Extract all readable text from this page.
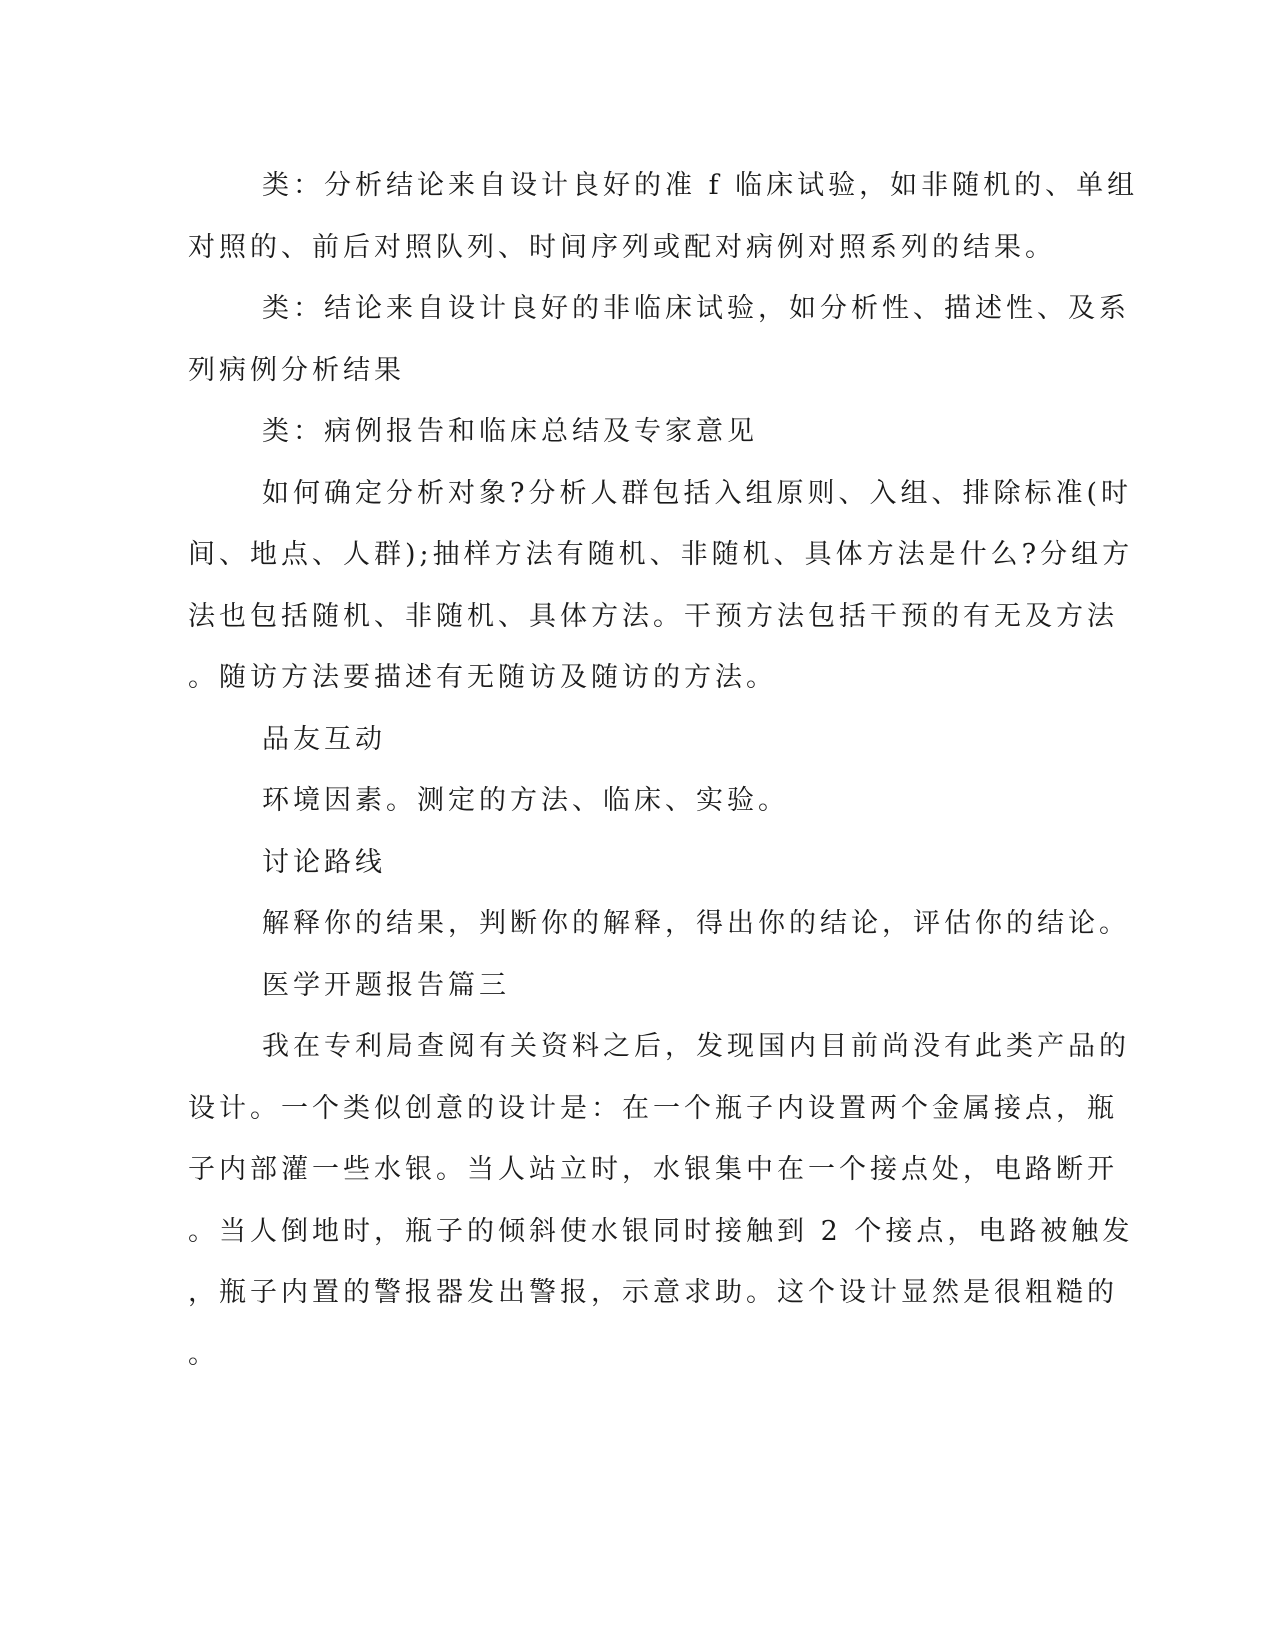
类：分析结论来自设计良好的准 f 临床试验，如非随机的、单组
对照的、前后对照队列、时间序列或配对病例对照系列的结果。
类：结论来自设计良好的非临床试验，如分析性、描述性、及系
列病例分析结果
类：病例报告和临床总结及专家意见
如何确定分析对象?分析人群包括入组原则、入组、排除标准(时
间、地点、人群);抽样方法有随机、非随机、具体方法是什么?分组方
法也包括随机、非随机、具体方法。干预方法包括干预的有无及方法
。随访方法要描述有无随访及随访的方法。
品友互动
环境因素。测定的方法、临床、实验。
讨论路线
解释你的结果，判断你的解释，得出你的结论，评估你的结论。
医学开题报告篇三
我在专利局查阅有关资料之后，发现国内目前尚没有此类产品的
设计。一个类似创意的设计是：在一个瓶子内设置两个金属接点，瓶
子内部灌一些水银。当人站立时，水银集中在一个接点处，电路断开
。当人倒地时，瓶子的倾斜使水银同时接触到 2 个接点，电路被触发
，瓶子内置的警报器发出警报，示意求助。这个设计显然是很粗糙的
。
